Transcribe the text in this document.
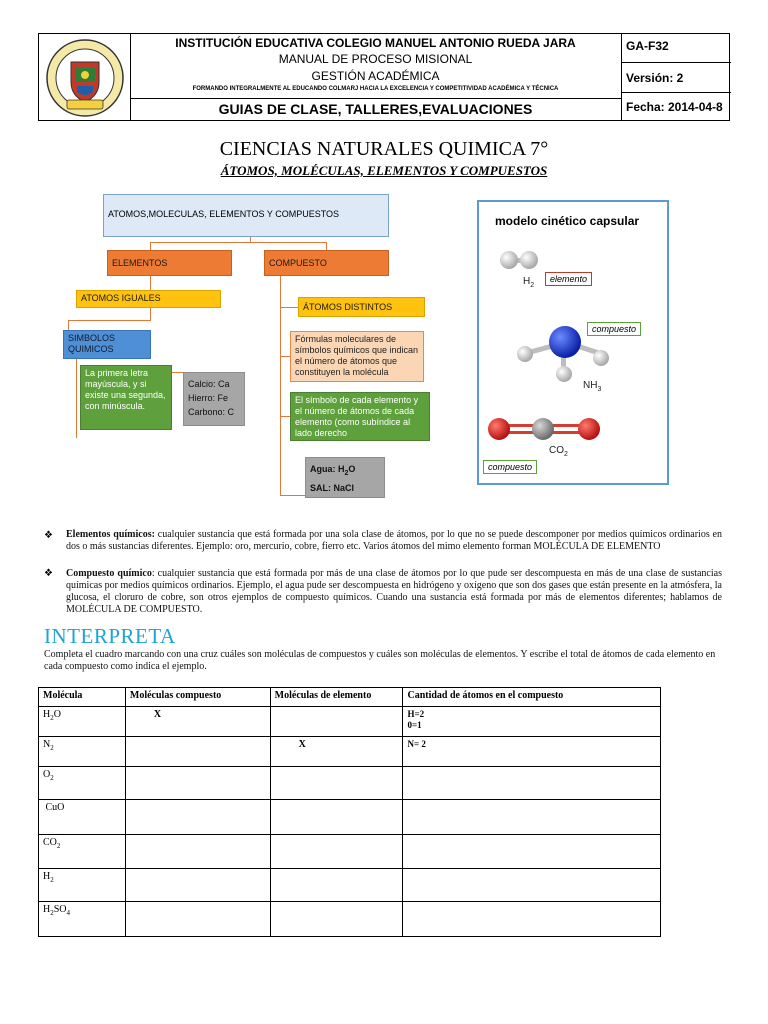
INSTITUCIÓN EDUCATIVA COLEGIO MANUEL ANTONIO RUEDA JARA
MANUAL DE PROCESO MISIONAL
GESTIÓN ACADÉMICA
FORMANDO INTEGRALMENTE AL EDUCANDO COLMARJ HACIA LA EXCELENCIA Y COMPETITIVIDAD ACADÉMICA Y TÉCNICA
GUIAS DE CLASE, TALLERES,EVALUACIONES
GA-F32
Versión: 2
Fecha: 2014-04-8
CIENCIAS NATURALES QUIMICA 7°
ÁTOMOS, MOLÉCULAS, ELEMENTOS Y COMPUESTOS
ATOMOS,MOLECULAS, ELEMENTOS Y COMPUESTOS
ELEMENTOS	COMPUESTO
ATOMOS IGUALES
ÁTOMOS DISTINTOS
SIMBOLOS QUIMICOS
La primera letra mayúscula, y si existe una segunda, con minúscula.
Calcio: Ca
Hierro: Fe
Carbono: C
Fórmulas moleculares de símbolos químicos que indican el número de átomos que constituyen la molécula
El símbolo de cada elemento y el número de átomos de cada elemento (como subíndice al lado derecho
Agua: $H_2O$
SAL: NaCl
modelo cinético capsular
$H_2$
elemento
compuesto
$NH_3$
$CO_2$
compuesto
❖ Elementos químicos: cualquier sustancia que está formada por una sola clase de átomos, por lo que no se puede descomponer por medios químicos ordinarios en dos o más sustancias diferentes. Ejemplo: oro, mercurio, cobre, fierro etc. Varios átomos del mimo elemento forman MOLÉCULA DE ELEMENTO
❖ Compuesto químico: cualquier sustancia que está formada por más de una clase de átomos por lo que pude ser descompuesta en más de una clase de sustancias químicas por medios químicos ordinarios. Ejemplo, el agua pude ser descompuesta en hidrógeno y oxígeno que son dos gases que están presente en la atmósfera, la glucosa, el cloruro de cobre, son otros ejemplos de compuesto químicos. Cuando una sustancia está formada por más de elementos diferentes; hablamos de MOLÉCULA DE COMPUESTO.
INTERPRETA
Completa el cuadro marcando con una cruz cuáles son moléculas de compuestos y cuáles son moléculas de elementos. Y escribe el total de átomos de cada elemento en cada compuesto como indica el ejemplo.
Molécula	Moléculas compuesto	Moléculas de elemento	Cantidad de átomos en el compuesto
$H_2O$	X		H=2
0=1

$N_2$		X	N= 2

$O_2$			
CuO			
$CO_2$			
$H_2$			
$H_2SO_4$			
